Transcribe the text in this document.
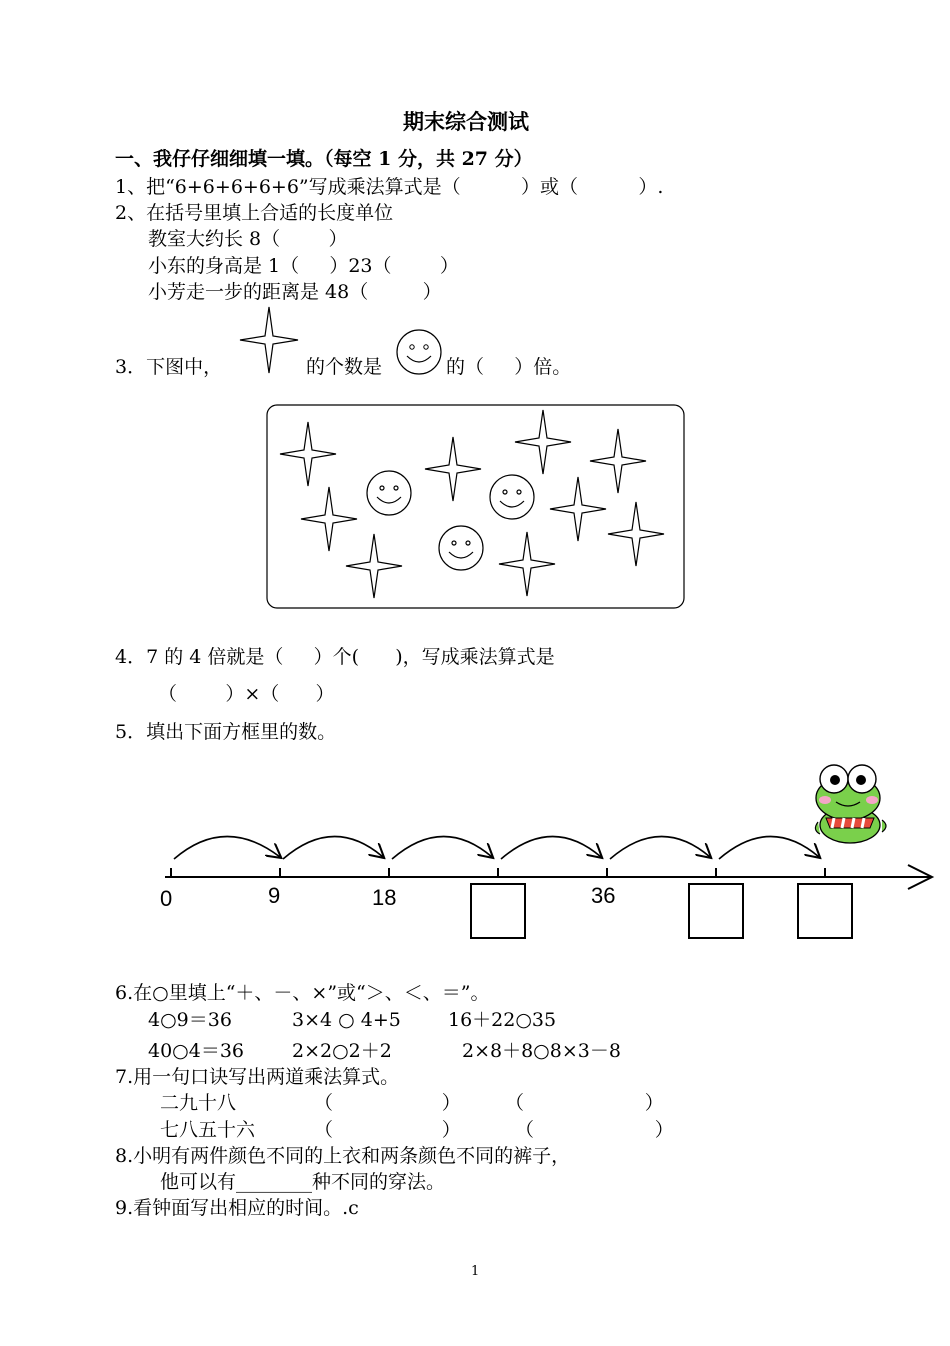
期末综合测试
一、我仔仔细细填一填。（每空 1 分，共 27 分）
1、把“6+6+6+6+6”写成乘法算式是（          ）或（          ）.
2、在括号里填上合适的长度单位
教室大约长 8（        ）
小东的身高是 1（     ）23（        ）
小芳走一步的距离是 48（         ）
3．下图中，	的个数是	的（     ）倍。
4．7 的 4 倍就是（     ）个(      )，写成乘法算式是
（        ）×（      ）
5．填出下面方框里的数。
0	9	18	36
6.在○里填上“＋、－、×”或“＞、＜、＝”。
4○9＝36	3×4 ○ 4+5 16＋22○35
40○4＝36	2×2○2＋2	2×8＋8○8×3－8
7.用一句口诀写出两道乘法算式。
二九十八	（                  ） （                    ）
七八五十六	（                  ）	（                    ）
8.小明有两件颜色不同的上衣和两条颜色不同的裤子，
他可以有________种不同的穿法。
9.看钟面写出相应的时间。.c
1
